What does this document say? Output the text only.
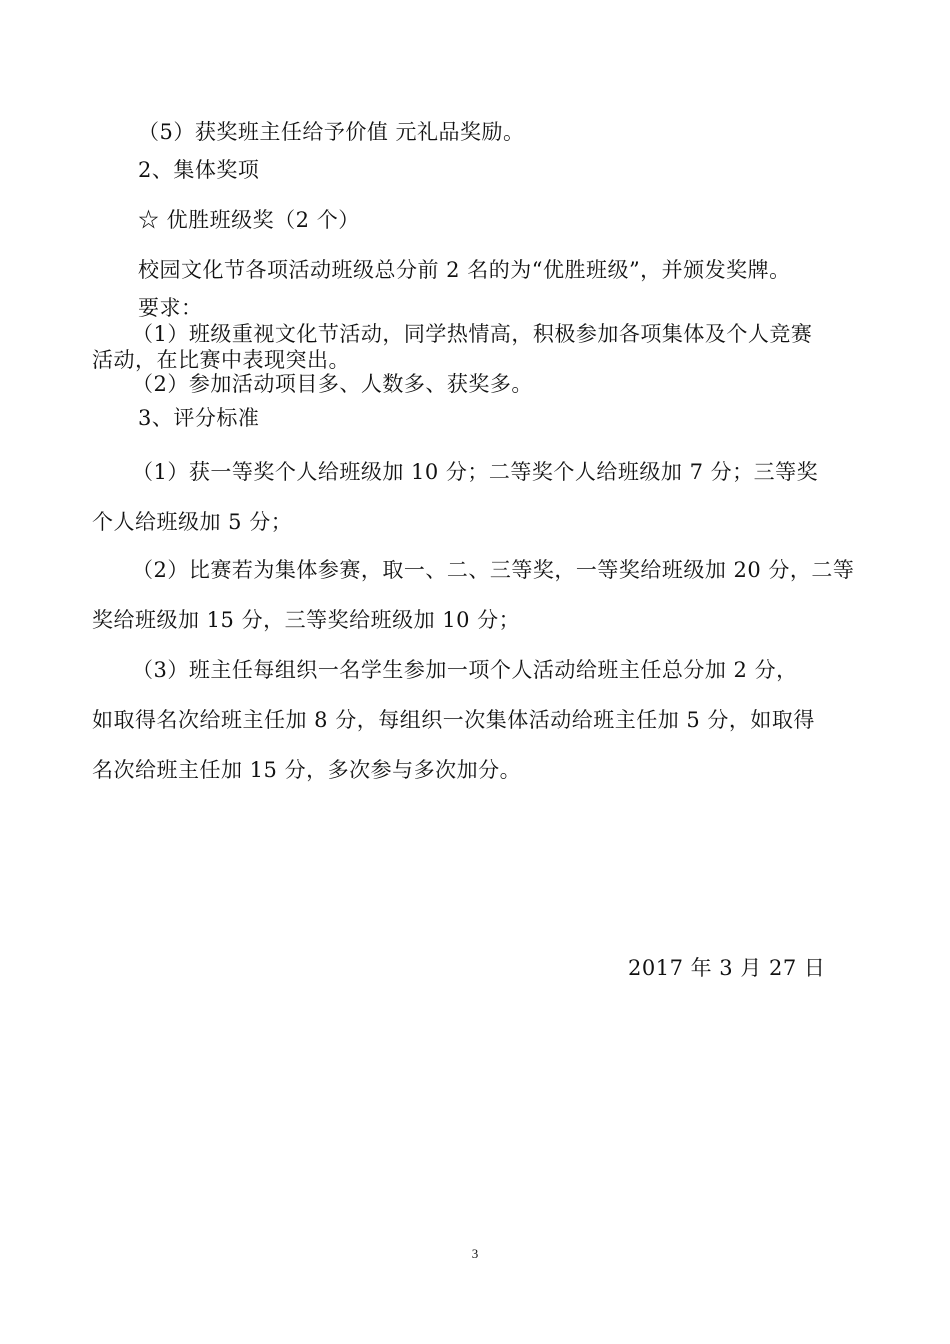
（5）获奖班主任给予价值 元礼品奖励。
2、集体奖项
☆ 优胜班级奖（2 个）
校园文化节各项活动班级总分前 2 名的为“优胜班级”，并颁发奖牌。
要求：
（1）班级重视文化节活动，同学热情高，积极参加各项集体及个人竞赛
活动，在比赛中表现突出。
（2）参加活动项目多、人数多、获奖多。
3、评分标准
（1）获一等奖个人给班级加 10 分；二等奖个人给班级加 7 分；三等奖
个人给班级加 5 分；
（2）比赛若为集体参赛，取一、二、三等奖，一等奖给班级加 20 分，二等
奖给班级加 15 分，三等奖给班级加 10 分；
（3）班主任每组织一名学生参加一项个人活动给班主任总分加 2 分，
如取得名次给班主任加 8 分，每组织一次集体活动给班主任加 5 分，如取得
名次给班主任加 15 分，多次参与多次加分。
2017 年 3 月 27 日
3
